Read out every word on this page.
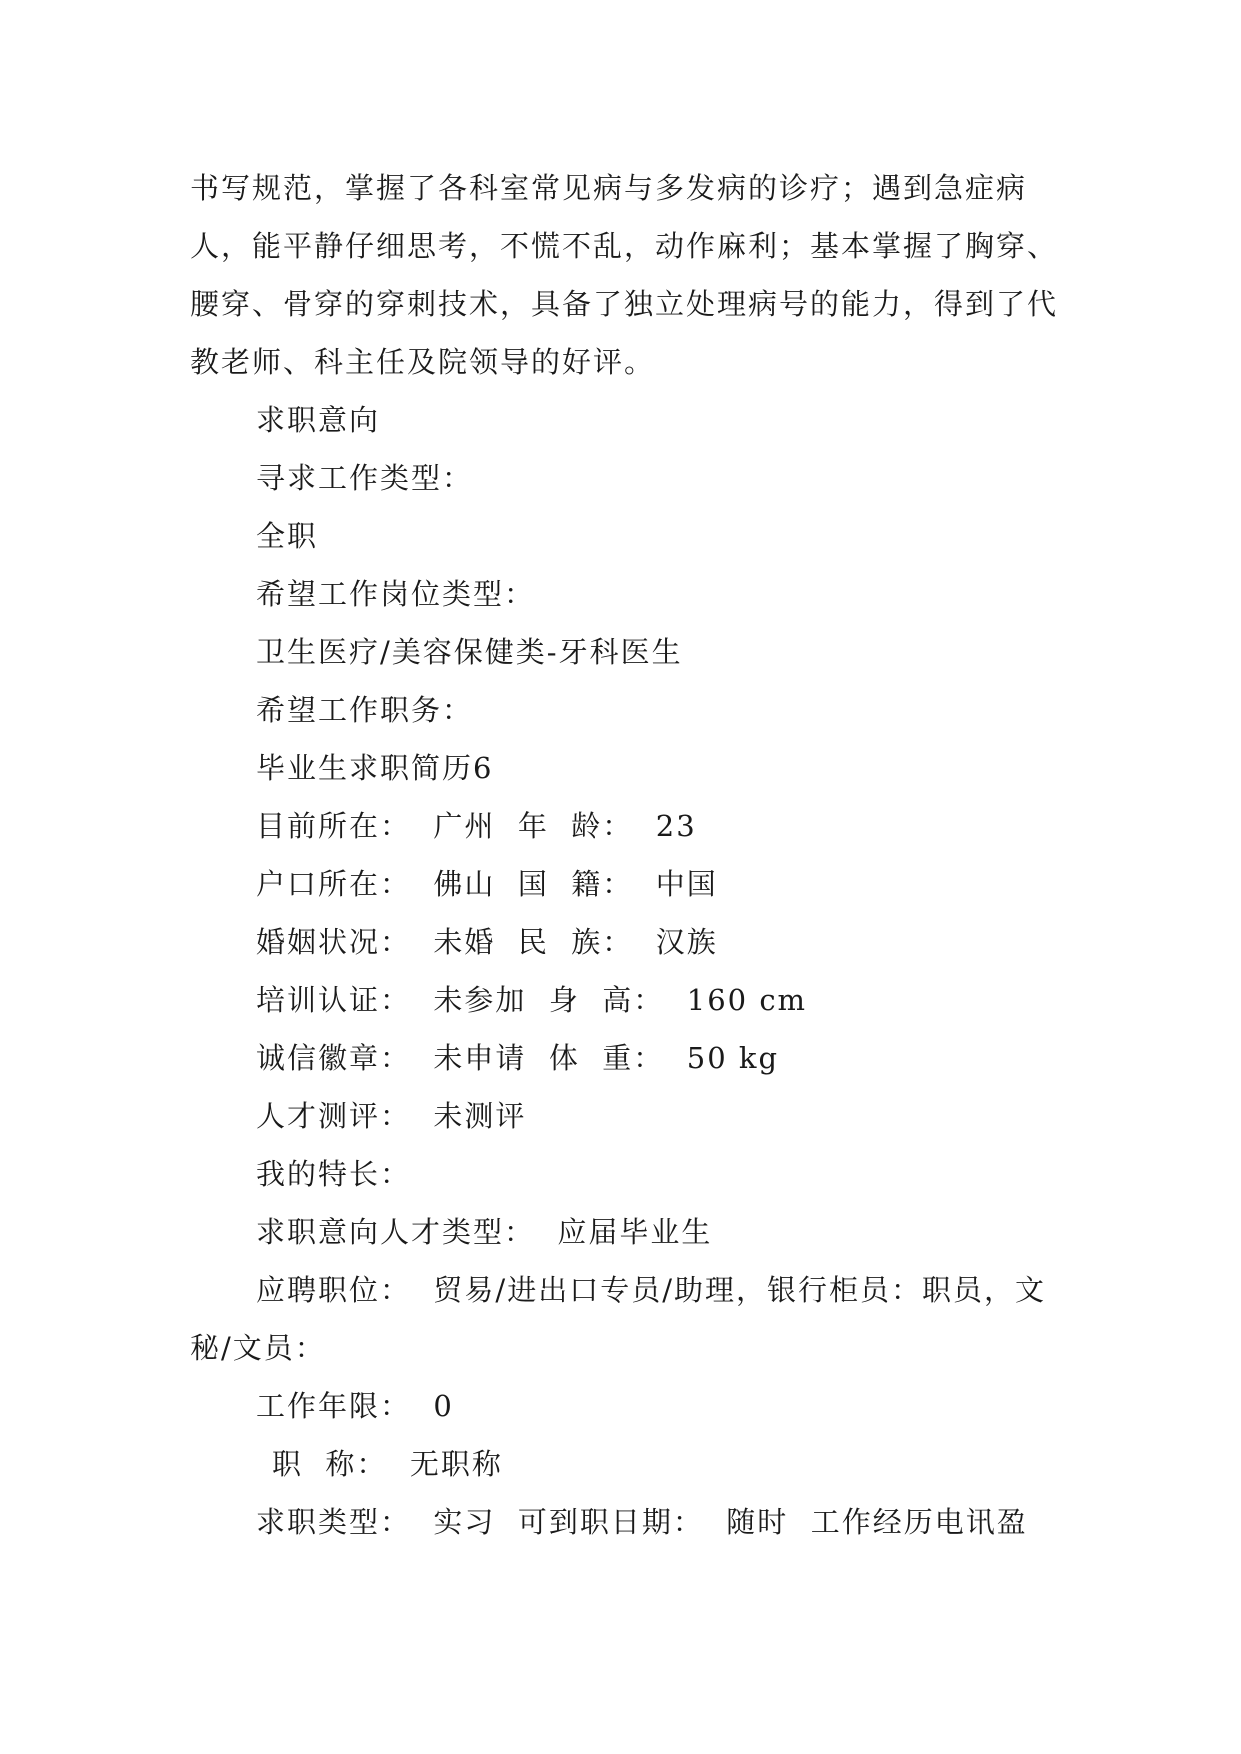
书写规范，掌握了各科室常见病与多发病的诊疗；遇到急症病人，能平静仔细思考，不慌不乱，动作麻利；基本掌握了胸穿、腰穿、骨穿的穿刺技术，具备了独立处理病号的能力，得到了代教老师、科主任及院领导的好评。

求职意向

寻求工作类型：

全职

希望工作岗位类型：

卫生医疗/美容保健类-牙科医生

希望工作职务：

毕业生求职简历6

目前所在：  广州  年  龄：  23

户口所在：  佛山  国  籍：  中国

婚姻状况：  未婚  民  族：  汉族

培训认证：  未参加  身  高：  160 cm

诚信徽章：  未申请  体  重：  50 kg

人才测评：  未测评

我的特长：

求职意向人才类型：  应届毕业生

应聘职位：  贸易/进出口专员/助理，银行柜员：职员，文秘/文员：

工作年限：  0

职  称：  无职称

求职类型：  实习  可到职日期：  随时  工作经历电讯盈
